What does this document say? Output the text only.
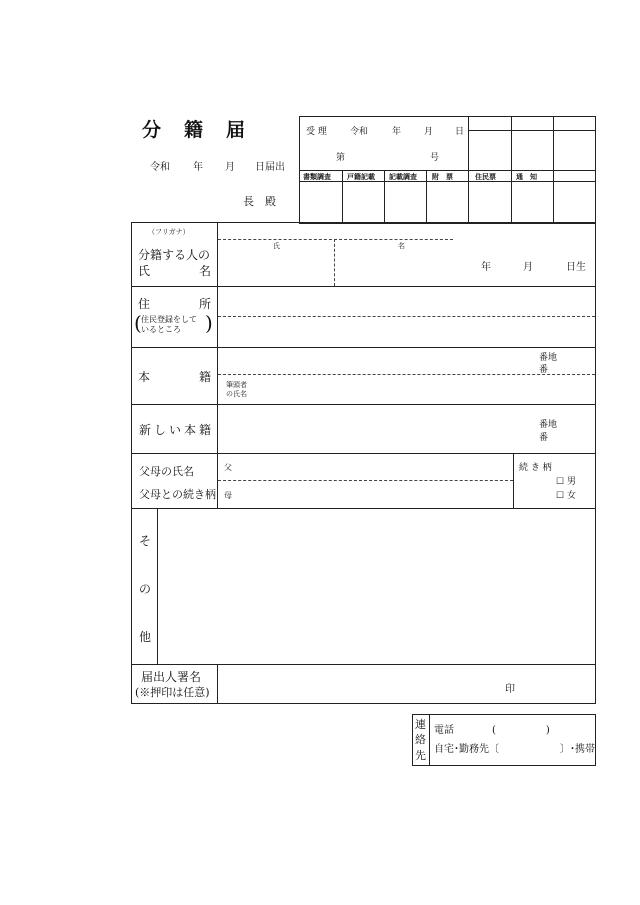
分　籍　届
令和 年 月 日届出
長　殿
受 理	令和	年	月 日
第	号
書類調査 戸籍記載 記載調査 附　票	住民票	通　知
（フリガナ）
分籍する人の
氏	名
氏	名
年	月	日生
住	所
(	)
住民登録をして
いるところ
本	籍
番地
番
筆頭者
の氏名
新しい本籍	番地
番
父母の氏名
父母との続き柄
父
母
続 き 柄
☐ 男
☐ 女
そ
の
他
届出人署名
(※押印は任意)	印
連
絡
先
電話	(　　　　　)
自宅･勤務先〔	〕･携帯
